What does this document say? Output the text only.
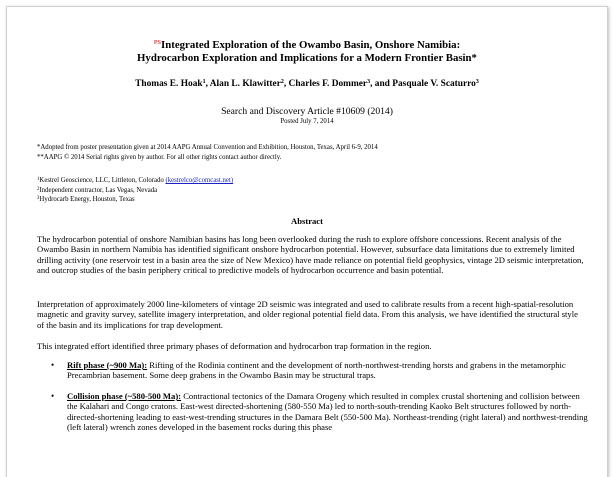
$^{PS}$Integrated Exploration of the Owambo Basin, Onshore Namibia:
Hydrocarbon Exploration and Implications for a Modern Frontier Basin*
Thomas E. Hoak$^1$, Alan L. Klawitter$^2$, Charles F. Dommer$^3$, and Pasquale V. Scaturro$^3$
Search and Discovery Article #10609 (2014)
Posted July 7, 2014
*Adopted from poster presentation given at 2014 AAPG Annual Convention and Exhibition, Houston, Texas, April 6-9, 2014
**AAPG © 2014 Serial rights given by author. For all other rights contact author directly.
$^1$Kestrel Geoscience, LLC, Littleton, Colorado (kestrelco@comcast.net)
$^2$Independent contractor, Las Vegas, Nevada
$^3$Hydrocarb Energy, Houston, Texas
Abstract
The hydrocarbon potential of onshore Namibian basins has long been overlooked during the rush to explore offshore concessions. Recent analysis of the Owambo Basin in northern Namibia has identified significant onshore hydrocarbon potential. However, subsurface data limitations due to extremely limited drilling activity (one reservoir test in a basin area the size of New Mexico) have made reliance on potential field geophysics, vintage 2D seismic interpretation, and outcrop studies of the basin periphery critical to predictive models of hydrocarbon occurrence and basin potential.
Interpretation of approximately 2000 line-kilometers of vintage 2D seismic was integrated and used to calibrate results from a recent high-spatial-resolution magnetic and gravity survey, satellite imagery interpretation, and older regional potential field data. From this analysis, we have identified the structural style of the basin and its implications for trap development.
This integrated effort identified three primary phases of deformation and hydrocarbon trap formation in the region.
• Rift phase (~900 Ma): Rifting of the Rodinia continent and the development of north-northwest-trending horsts and grabens in the metamorphic Precambrian basement. Some deep grabens in the Owambo Basin may be structural traps.
• Collision phase (~580-500 Ma): Contractional tectonics of the Damara Orogeny which resulted in complex crustal shortening and collision between the Kalahari and Congo cratons. East-west directed-shortening (580-550 Ma) led to north-south-trending Kaoko Belt structures followed by north-directed-shortening leading to east-west-trending structures in the Damara Belt (550-500 Ma). Northeast-trending (right lateral) and northwest-trending (left lateral) wrench zones developed in the basement rocks during this phase
